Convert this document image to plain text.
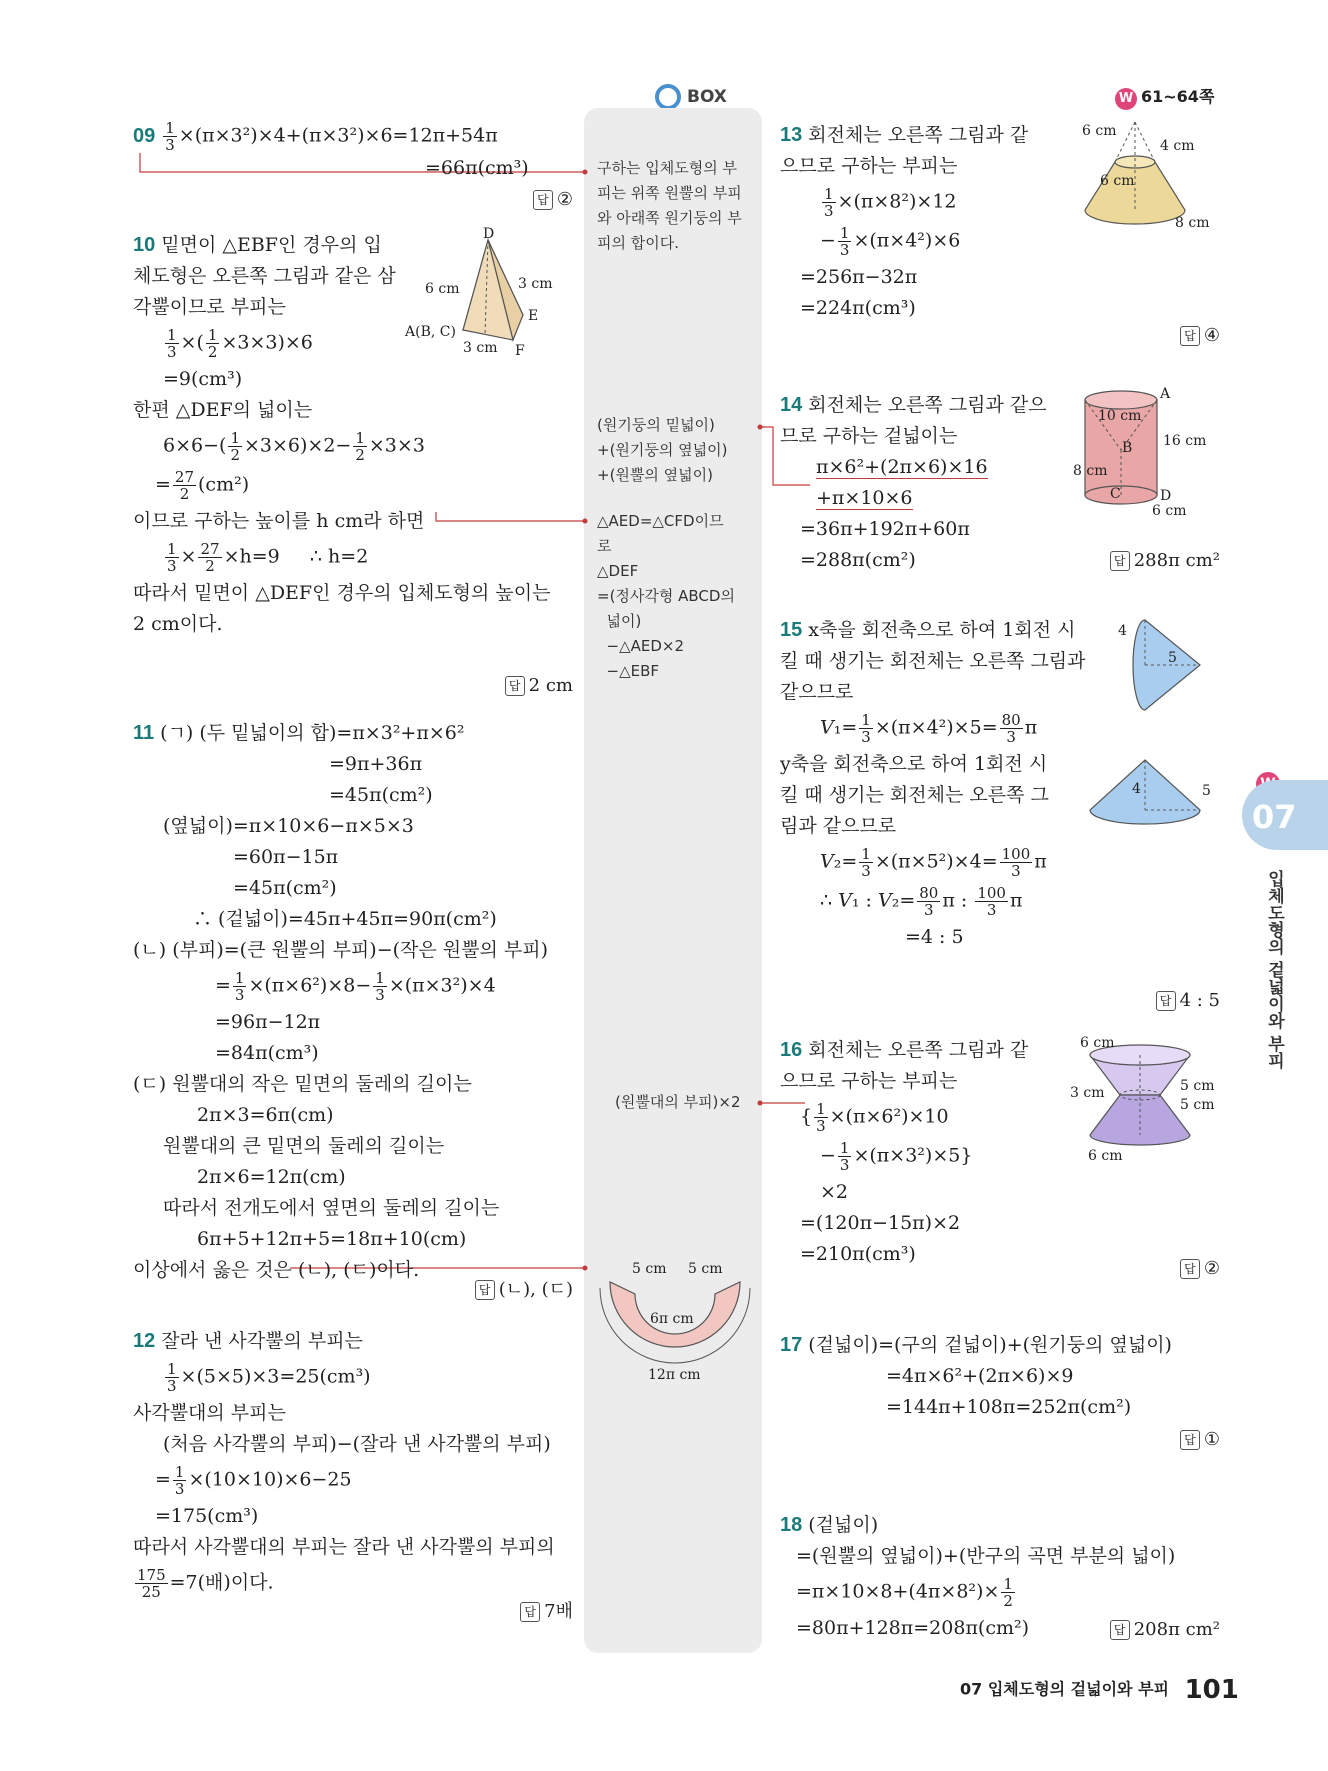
BOX	W 61~64쪽
구하는 입체도형의 부
피는 위쪽 원뿔의 부피
와 아래쪽 원기둥의 부
피의 합이다.
(원기둥의 밑넓이)
+(원기둥의 옆넓이)
+(원뿔의 옆넓이)
△AED=△CFD이므
로
△DEF
=(정사각형 ABCD의
넓이)
−△AED×2
−△EBF
(원뿔대의 부피)×2
5 cm 5 cm
6π cm
12π cm
$09 \frac{1}{3} \times(\pi\times 3^2)\times 4+(\pi\times 3^2)\times 6=12\pi+54\pi$
=66π(cm³)
답 ②
10 밑면이 △EBF인 경우의 입
체도형은 오른쪽 그림과 같은 삼
각뿔이므로 부피는
$\frac{1}{3}$ ×( $\frac{1}{2} \times 3\times 3)\times 6$
=9(cm³)
한편 △DEF의 넓이는
$6\times 6-( \frac{1}{2} \times 3\times 6)\times 2- \frac{1}{2} \times 3\times 3$
= $\frac{27}{2} (cm^2)$
이므로 구하는 높이를 h cm라 하면
$\frac{1}{3} \times \frac{27}{2} \times h=9$     ∴ h=2
따라서 밑면이 △DEF인 경우의 입체도형의 높이는
2 cm이다.
답 2 cm
D
E
F
A(B, C)
6 cm	3 cm
3 cm
11 (ㄱ) (두 밑넓이의 합)=π×3²+π×6²
=9π+36π
=45π(cm²)
(옆넓이)=π×10×6−π×5×3
=60π−15π
=45π(cm²)
∴ (겉넓이)=45π+45π=90π(cm²)
(ㄴ) (부피)=(큰 원뿔의 부피)−(작은 원뿔의 부피)
= $\frac{1}{3} \times(\pi\times 6^2)\times 8- \frac{1}{3} \times(\pi\times 3^2)\times 4$
=96π−12π
=84π(cm³)
(ㄷ) 원뿔대의 작은 밑면의 둘레의 길이는
2π×3=6π(cm)
원뿔대의 큰 밑면의 둘레의 길이는
2π×6=12π(cm)
따라서 전개도에서 옆면의 둘레의 길이는
6π+5+12π+5=18π+10(cm)
이상에서 옳은 것은 (ㄴ), (ㄷ)이다.
답 (ㄴ), (ㄷ)
12 잘라 낸 사각뿔의 부피는
$\frac{1}{3} \times(5\times 5)\times 3=25(cm^3)$
사각뿔대의 부피는
(처음 사각뿔의 부피)−(잘라 낸 사각뿔의 부피)
= $\frac{1}{3} \times(10\times 10)\times 6-25$
=175(cm³)
따라서 사각뿔대의 부피는 잘라 낸 사각뿔의 부피의
$\frac{175}{25} =7$(배)이다.
답 7배
13 회전체는 오른쪽 그림과 같
으므로 구하는 부피는
$\frac{1}{3} \times(\pi\times 8^2)\times 12$
− $\frac{1}{3} \times(\pi\times 4^2)\times 6$
=256π−32π
=224π(cm³)
답 ④
6 cm
4 cm
6 cm
8 cm
14 회전체는 오른쪽 그림과 같으
므로 구하는 겉넓이는
π×6²+(2π×6)×16
+π×10×6
=36π+192π+60π
=288π(cm²)	답 288π cm²
A
B
C	D
10 cm
16 cm
8 cm
6 cm
15 x축을 회전축으로 하여 1회전 시
킬 때 생기는 회전체는 오른쪽 그림과
같으므로
$V_1= \frac{1}{3} \times(\pi\times 4^2)\times 5= \frac{80}{3}$ π
y축을 회전축으로 하여 1회전 시
킬 때 생기는 회전체는 오른쪽 그
림과 같으므로
$V_2= \frac{1}{3} \times(\pi\times 5^2)\times 4= \frac{100}{3}$ π
∴ V₁ : $V_2= \frac{80}{3}$ π : $\frac{100}{3}$ π
=4 : 5
답 4 : 5
4
5
4	5
16 회전체는 오른쪽 그림과 같
으므로 구하는 부피는
{ $\frac{1}{3} \times(\pi\times 6^2)\times 10$
− $\frac{1}{3} \times(\pi\times 3^2)\times 5$}
×2
=(120π−15π)×2
=210π(cm³)
답 ②
6 cm
3 cm	5 cm
5 cm
6 cm
17 (겉넓이)=(구의 겉넓이)+(원기둥의 옆넓이)
=4π×6²+(2π×6)×9
=144π+108π=252π(cm²)
답 ①
18 (겉넓이)
=(원뿔의 옆넓이)+(반구의 곡면 부분의 넓이)
$=\pi\times 10\times 8+(4\pi\times 8^2)\times \frac{1}{2}$
=80π+128π=208π(cm²)	답 208π cm²
07
입체도형의 겉넓이와 부피
07 입체도형의 겉넓이와 부피 101
